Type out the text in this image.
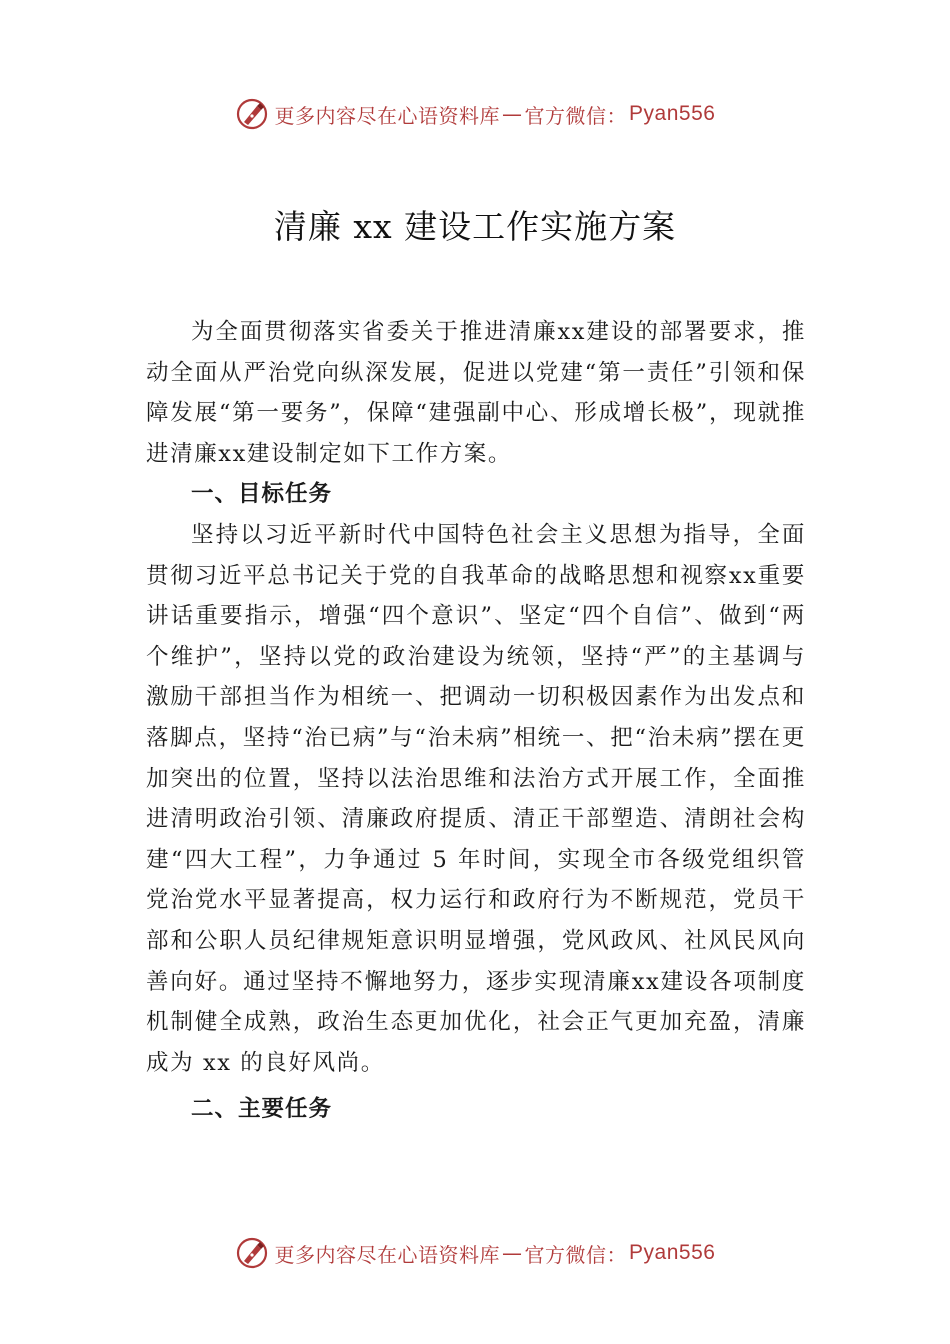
更多内容尽在心语资料库 — 官方微信： Pyan556
清廉 xx 建设工作实施方案

为全面贯彻落实省委关于推进清廉xx建设的部署要求，推动全面从严治党向纵深发展，促进以党建“第一责任”引领和保障发展“第一要务”，保障“建强副中心、形成增长极”，现就推进清廉xx建设制定如下工作方案。

一、目标任务

坚持以习近平新时代中国特色社会主义思想为指导，全面贯彻习近平总书记关于党的自我革命的战略思想和视察xx重要讲话重要指示，增强“四个意识”、坚定“四个自信”、做到“两个维护”，坚持以党的政治建设为统领，坚持“严”的主基调与激励干部担当作为相统一、把调动一切积极因素作为出发点和落脚点，坚持“治已病”与“治未病”相统一、把“治未病”摆在更加突出的位置，坚持以法治思维和法治方式开展工作，全面推进清明政治引领、清廉政府提质、清正干部塑造、清朗社会构建“四大工程”，力争通过 5 年时间，实现全市各级党组织管党治党水平显著提高，权力运行和政府行为不断规范，党员干部和公职人员纪律规矩意识明显增强，党风政风、社风民风向善向好。通过坚持不懈地努力，逐步实现清廉xx建设各项制度机制健全成熟，政治生态更加优化，社会正气更加充盈，清廉成为 xx 的良好风尚。

二、主要任务

更多内容尽在心语资料库 — 官方微信： Pyan556
